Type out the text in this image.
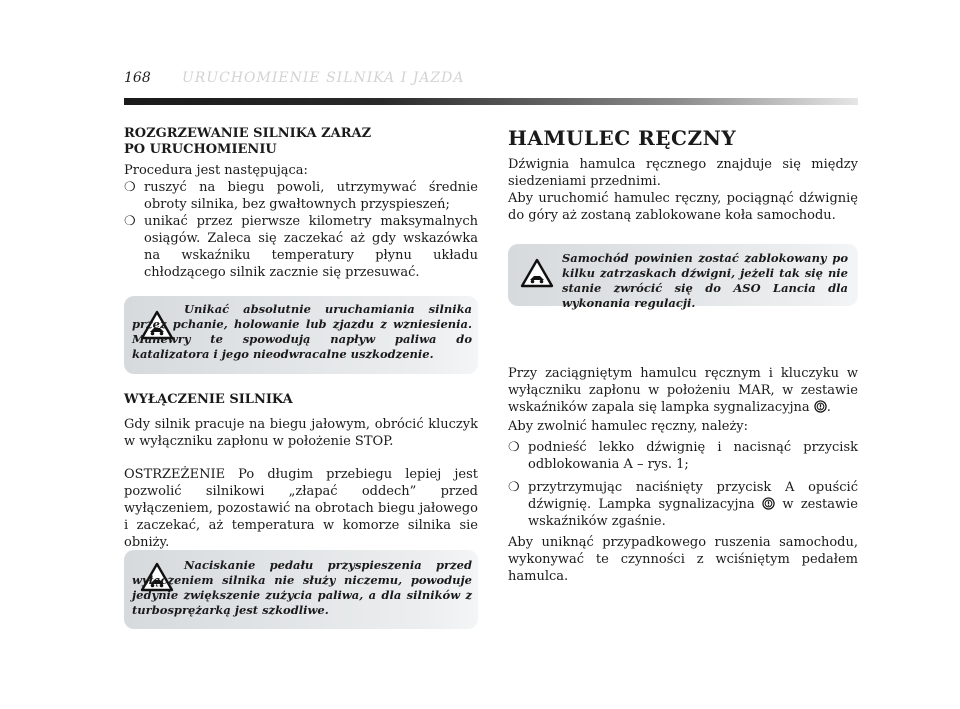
168 URUCHOMIENIE SILNIKA I JAZDA
ROZGRZEWANIE SILNIKA ZARAZ
PO URUCHOMIENIU

Procedura jest następująca:

❍ ruszyć na biegu powoli, utrzymywać średnie obroty silnika, bez gwałtownych przyspieszeń;
❍ unikać przez pierwsze kilometry maksymalnych osiągów. Zaleca się zaczekać aż gdy wskazówka na wskaźniku temperatury płynu układu chłodzącego silnik zacznie się przesuwać.
Unikać absolutnie uruchamiania silnika przez pchanie, holowanie lub zjazdu z wzniesienia. Manewry te spowodują napływ paliwa do katalizatora i jego nieodwracalne uszkodzenie.
WYŁĄCZENIE SILNIKA

Gdy silnik pracuje na biegu jałowym, obrócić kluczyk w wyłączniku zapłonu w położenie STOP.

OSTRZEŻENIE Po długim przebiegu lepiej jest pozwolić silnikowi „złapać oddech” przed wyłączeniem, pozostawić na obrotach biegu jałowego i zaczekać, aż temperatura w komorze silnika sie obniży.

Naciskanie pedału przyspieszenia przed wyłączeniem silnika nie służy niczemu, powoduje jedynie zwiększenie zużycia paliwa, a dla silników z turbosprężarką jest szkodliwe.
HAMULEC RĘCZNY

Dźwignia hamulca ręcznego znajduje się między siedzeniami przednimi.

Aby uruchomić hamulec ręczny, pociągnąć dźwignię do góry aż zostaną zablokowane koła samochodu.

Samochód powinien zostać zablokowany po kilku zatrzaskach dźwigni, jeżeli tak się nie stanie zwrócić się do ASO Lancia dla wykonania regulacji.

Przy zaciągniętym hamulcu ręcznym i kluczyku w wyłączniku zapłonu w położeniu MAR, w zestawie wskaźników zapala się lampka sygnalizacyjna .

Aby zwolnić hamulec ręczny, należy:

❍ podnieść lekko dźwignię i nacisnąć przycisk odblokowania A – rys. 1;
❍ przytrzymując naciśnięty przycisk A opuścić dźwignię. Lampka sygnalizacyjna w zestawie wskaźników zgaśnie.

Aby uniknąć przypadkowego ruszenia samochodu, wykonywać te czynności z wciśniętym pedałem hamulca.
